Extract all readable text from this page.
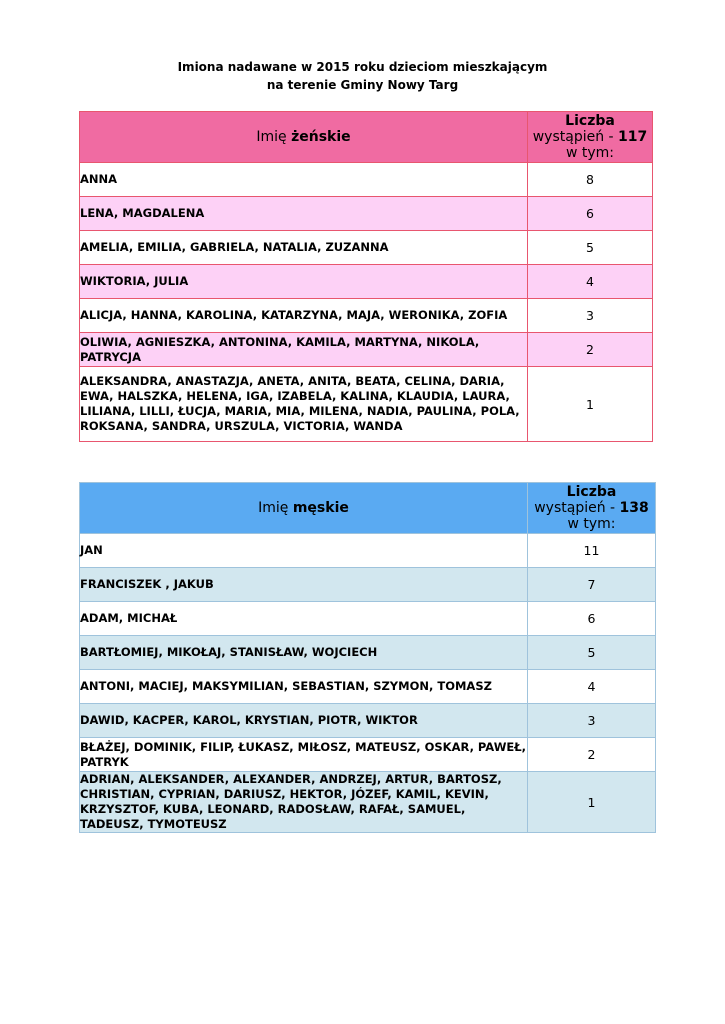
Imiona nadawane w 2015 roku dzieciom mieszkającym
na terenie Gminy Nowy Targ
Imię żeńskie	Liczba
wystąpień - 117
w tym:

ANNA	8
LENA, MAGDALENA	6
AMELIA, EMILIA, GABRIELA, NATALIA, ZUZANNA	5
WIKTORIA, JULIA	4
ALICJA, HANNA, KAROLINA, KATARZYNA, MAJA, WERONIKA, ZOFIA	3
OLIWIA, AGNIESZKA, ANTONINA, KAMILA, MARTYNA, NIKOLA, PATRYCJA	2
ALEKSANDRA, ANASTAZJA, ANETA, ANITA, BEATA, CELINA, DARIA, EWA, HALSZKA, HELENA, IGA, IZABELA, KALINA, KLAUDIA, LAURA, LILIANA, LILLI, ŁUCJA, MARIA, MIA, MILENA, NADIA, PAULINA, POLA, ROKSANA, SANDRA, URSZULA, VICTORIA, WANDA	1
Imię męskie	Liczba
wystąpień - 138
w tym:

JAN	11
FRANCISZEK , JAKUB	7
ADAM, MICHAŁ	6
BARTŁOMIEJ, MIKOŁAJ, STANISŁAW, WOJCIECH	5
ANTONI, MACIEJ, MAKSYMILIAN, SEBASTIAN, SZYMON, TOMASZ	4
DAWID, KACPER, KAROL, KRYSTIAN, PIOTR, WIKTOR	3
BŁAŻEJ, DOMINIK, FILIP, ŁUKASZ, MIŁOSZ, MATEUSZ, OSKAR, PAWEŁ, PATRYK	2
ADRIAN, ALEKSANDER, ALEXANDER, ANDRZEJ, ARTUR, BARTOSZ, CHRISTIAN, CYPRIAN, DARIUSZ, HEKTOR, JÓZEF, KAMIL, KEVIN, KRZYSZTOF, KUBA, LEONARD, RADOSŁAW, RAFAŁ, SAMUEL, TADEUSZ, TYMOTEUSZ	1
